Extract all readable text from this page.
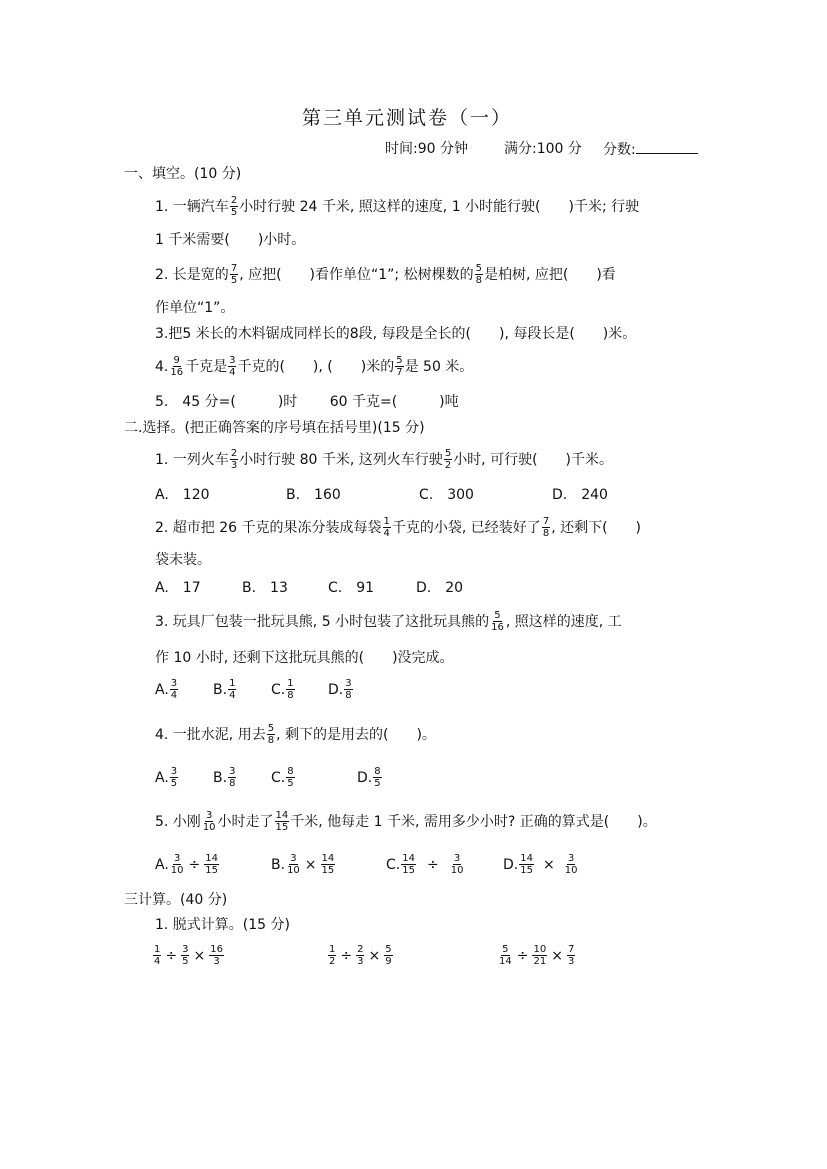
第三单元测试卷（一）
时间:90 分钟	满分:100 分 分数:
一、填空。(10 分)
1. 一辆汽车 $\frac{2}{5}$ 小时行驶 24 千米, 照这样的速度, 1 小时能行驶(　　)千米; 行驶
1 千米需要(　　)小时。
2. 长是宽的 $\frac{7}{5}$ , 应把(　　)看作单位“1”; 松树棵数的 $\frac{5}{8}$ 是柏树, 应把(　　)看
作单位“1”。
3.把5 米长的木料锯成同样长的8段, 每段是全长的(　　), 每段长是(　　)米。
4. $\frac{9}{16}$ 千克是 $\frac{3}{4}$ 千克的(　　), (　　)米的 $\frac{5}{7}$ 是 50 米。
5.　45 分=(　　　)时　　 60 千克=(　　　)吨
二.选择。(把正确答案的序号填在括号里)(15 分)
1. 一列火车 $\frac{2}{3}$ 小时行驶 80 千米, 这列火车行驶 $\frac{5}{2}$ 小时, 可行驶(　　)千米。
A.　120	B.　160	C.　300	D.　240
2. 超市把 26 千克的果冻分装成每袋 $\frac{1}{4}$ 千克的小袋, 已经装好了 $\frac{7}{8}$ , 还剩下(　　)
袋未装。
A.　17	B.　13	C.　91	D.　20
3. 玩具厂包装一批玩具熊, 5 小时包装了这批玩具熊的 $\frac{5}{16}$ , 照这样的速度, 工
作 10 小时, 还剩下这批玩具熊的(　　)没完成。
A. $\frac{3}{4} B$. $\frac{1}{4} C$. $\frac{1}{8} D$. $\frac{3}{8}$
4. 一批水泥, 用去 $\frac{5}{8}$ , 剩下的是用去的(　　)。
A. $\frac{3}{5} B$. $\frac{3}{8} C$. $\frac{8}{5}$	D. $\frac{8}{5}$
5. 小刚 $\frac{3}{10}$ 小时走了 $\frac{14}{15}$ 千米, 他每走 1 千米, 需用多少小时? 正确的算式是(　　)。
A. $\frac{3}{10} \div \frac{14}{15}$	B. $\frac{3}{10} \times \frac{14}{15}$	C. $\frac{14}{15} \div \frac{3}{10}$	D. $\frac{14}{15} \times \frac{3}{10}$
三计算。(40 分)
1. 脱式计算。(15 分)
$\frac{1}{4} \div \frac{3}{5} \times \frac{16}{3}$	$\frac{1}{2} \div \frac{2}{3} \times \frac{5}{9}$	$\frac{5}{14} \div \frac{10}{21} \times \frac{7}{3}$
